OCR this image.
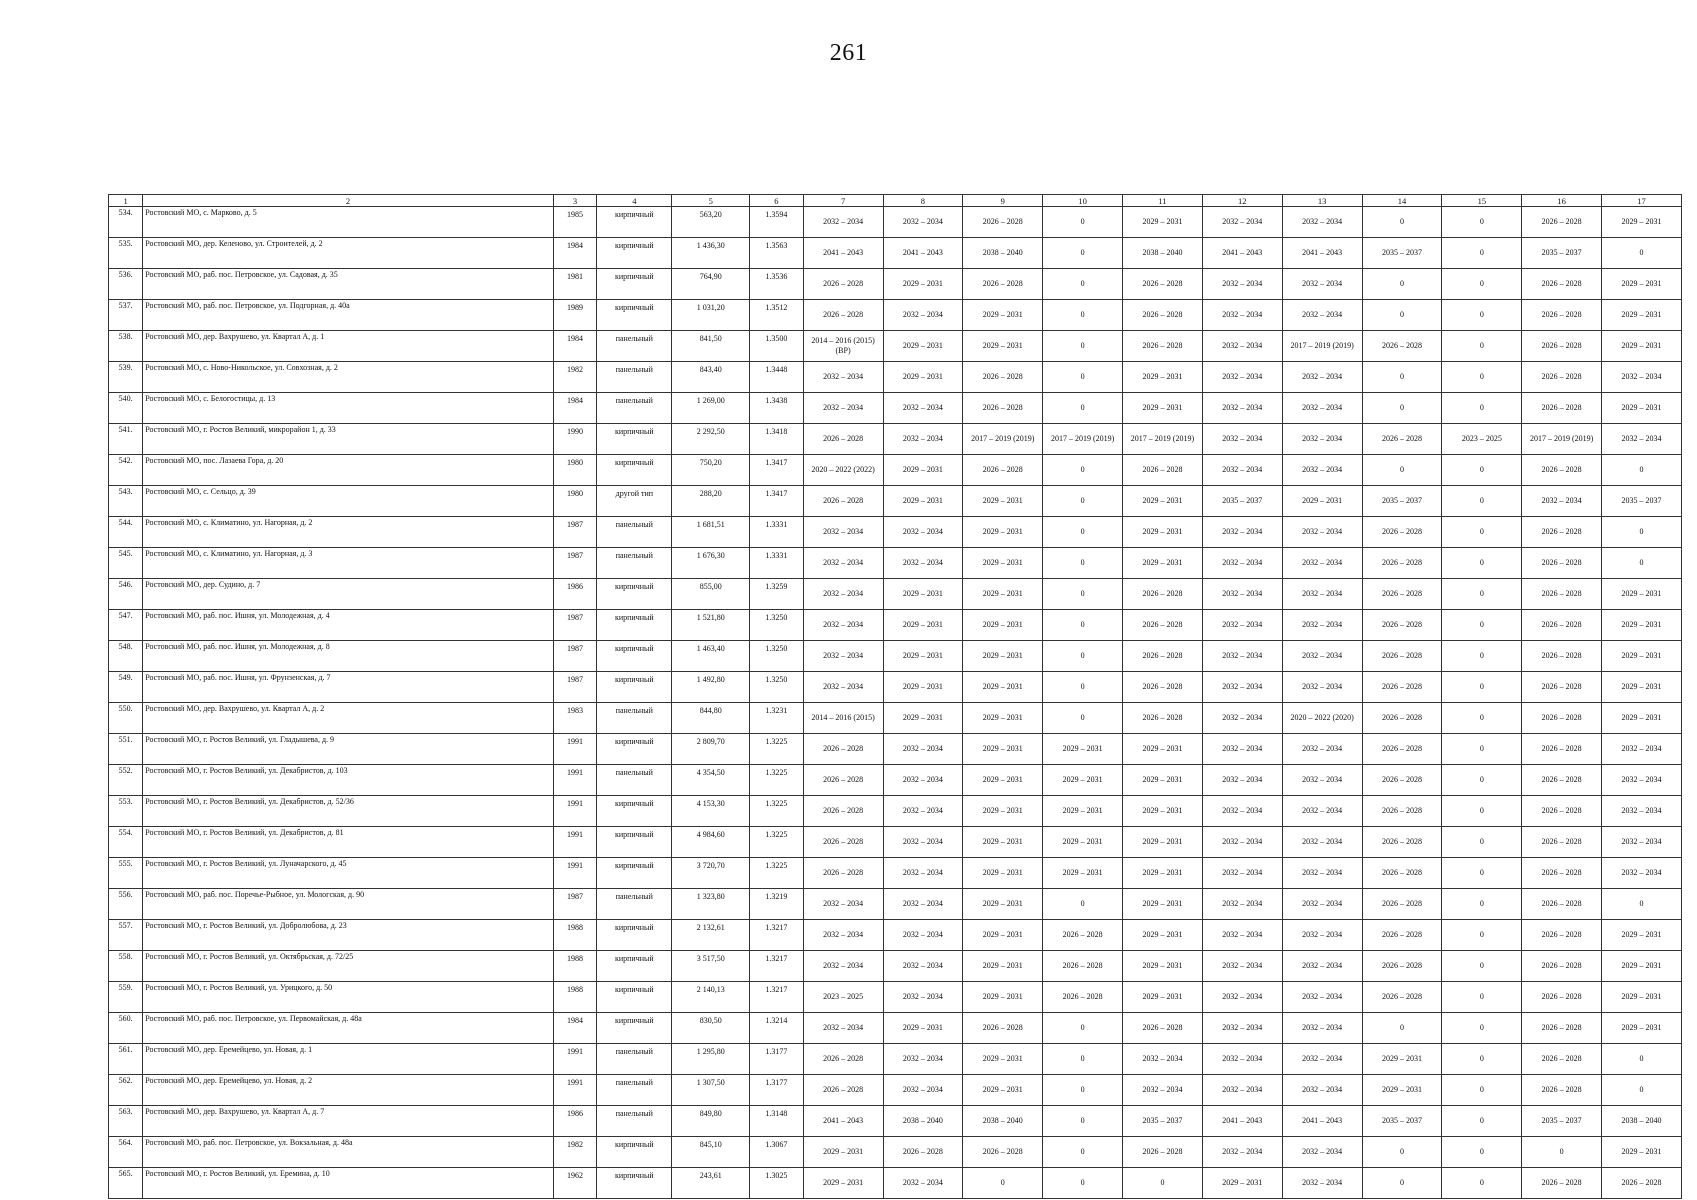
261
1	2	3	4	5	6	7	8	9	10	11	12	13	14	15	16	17
534.	Ростовский МО, с. Марково, д. 5	1985	кирпичный	563,20	1.3594	2032 – 2034	2032 – 2034	2026 – 2028	0	2029 – 2031	2032 – 2034	2032 – 2034	0	0	2026 – 2028	2029 – 2031
535.	Ростовский МО, дер. Келеново, ул. Строителей, д. 2	1984	кирпичный	1 436,30	1.3563	2041 – 2043	2041 – 2043	2038 – 2040	0	2038 – 2040	2041 – 2043	2041 – 2043	2035 – 2037	0	2035 – 2037	0
536.	Ростовский МО, раб. пос. Петровское, ул. Садовая, д. 35	1981	кирпичный	764,90	1.3536	2026 – 2028	2029 – 2031	2026 – 2028	0	2026 – 2028	2032 – 2034	2032 – 2034	0	0	2026 – 2028	2029 – 2031
537.	Ростовский МО, раб. пос. Петровское, ул. Подгорная, д. 40а	1989	кирпичный	1 031,20	1.3512	2026 – 2028	2032 – 2034	2029 – 2031	0	2026 – 2028	2032 – 2034	2032 – 2034	0	0	2026 – 2028	2029 – 2031
538.	Ростовский МО, дер. Вахрушево, ул. Квартал А, д. 1	1984	панельный	841,50	1.3500	2014 – 2016 (2015) (ВР)	2029 – 2031	2029 – 2031	0	2026 – 2028	2032 – 2034	2017 – 2019 (2019)	2026 – 2028	0	2026 – 2028	2029 – 2031
539.	Ростовский МО, с. Ново-Никольское, ул. Совхозная, д. 2	1982	панельный	843,40	1.3448	2032 – 2034	2029 – 2031	2026 – 2028	0	2029 – 2031	2032 – 2034	2032 – 2034	0	0	2026 – 2028	2032 – 2034
540.	Ростовский МО, с. Белогостицы, д. 13	1984	панельный	1 269,00	1.3438	2032 – 2034	2032 – 2034	2026 – 2028	0	2029 – 2031	2032 – 2034	2032 – 2034	0	0	2026 – 2028	2029 – 2031
541.	Ростовский МО, г. Ростов Великий, микрорайон 1, д. 33	1990	кирпичный	2 292,50	1.3418	2026 – 2028	2032 – 2034	2017 – 2019 (2019)	2017 – 2019 (2019)	2017 – 2019 (2019)	2032 – 2034	2032 – 2034	2026 – 2028	2023 – 2025	2017 – 2019 (2019)	2032 – 2034
542.	Ростовский МО, пос. Лазаева Гора, д. 20	1980	кирпичный	750,20	1.3417	2020 – 2022 (2022)	2029 – 2031	2026 – 2028	0	2026 – 2028	2032 – 2034	2032 – 2034	0	0	2026 – 2028	0
543.	Ростовский МО, с. Сельцо, д. 39	1980	другой тип	288,20	1.3417	2026 – 2028	2029 – 2031	2029 – 2031	0	2029 – 2031	2035 – 2037	2029 – 2031	2035 – 2037	0	2032 – 2034	2035 – 2037
544.	Ростовский МО, с. Климатино, ул. Нагорная, д. 2	1987	панельный	1 681,51	1.3331	2032 – 2034	2032 – 2034	2029 – 2031	0	2029 – 2031	2032 – 2034	2032 – 2034	2026 – 2028	0	2026 – 2028	0
545.	Ростовский МО, с. Климатино, ул. Нагорная, д. 3	1987	панельный	1 676,30	1.3331	2032 – 2034	2032 – 2034	2029 – 2031	0	2029 – 2031	2032 – 2034	2032 – 2034	2026 – 2028	0	2026 – 2028	0
546.	Ростовский МО, дер. Судино, д. 7	1986	кирпичный	855,00	1.3259	2032 – 2034	2029 – 2031	2029 – 2031	0	2026 – 2028	2032 – 2034	2032 – 2034	2026 – 2028	0	2026 – 2028	2029 – 2031
547.	Ростовский МО, раб. пос. Ишня, ул. Молодежная, д. 4	1987	кирпичный	1 521,80	1.3250	2032 – 2034	2029 – 2031	2029 – 2031	0	2026 – 2028	2032 – 2034	2032 – 2034	2026 – 2028	0	2026 – 2028	2029 – 2031
548.	Ростовский МО, раб. пос. Ишня, ул. Молодежная, д. 8	1987	кирпичный	1 463,40	1.3250	2032 – 2034	2029 – 2031	2029 – 2031	0	2026 – 2028	2032 – 2034	2032 – 2034	2026 – 2028	0	2026 – 2028	2029 – 2031
549.	Ростовский МО, раб. пос. Ишня, ул. Фрунзенская, д. 7	1987	кирпичный	1 492,80	1.3250	2032 – 2034	2029 – 2031	2029 – 2031	0	2026 – 2028	2032 – 2034	2032 – 2034	2026 – 2028	0	2026 – 2028	2029 – 2031
550.	Ростовский МО, дер. Вахрушево, ул. Квартал А, д. 2	1983	панельный	844,80	1.3231	2014 – 2016 (2015)	2029 – 2031	2029 – 2031	0	2026 – 2028	2032 – 2034	2020 – 2022 (2020)	2026 – 2028	0	2026 – 2028	2029 – 2031
551.	Ростовский МО, г. Ростов Великий, ул. Гладышева, д. 9	1991	кирпичный	2 809,70	1.3225	2026 – 2028	2032 – 2034	2029 – 2031	2029 – 2031	2029 – 2031	2032 – 2034	2032 – 2034	2026 – 2028	0	2026 – 2028	2032 – 2034
552.	Ростовский МО, г. Ростов Великий, ул. Декабристов, д. 103	1991	панельный	4 354,50	1.3225	2026 – 2028	2032 – 2034	2029 – 2031	2029 – 2031	2029 – 2031	2032 – 2034	2032 – 2034	2026 – 2028	0	2026 – 2028	2032 – 2034
553.	Ростовский МО, г. Ростов Великий, ул. Декабристов, д. 52/36	1991	кирпичный	4 153,30	1.3225	2026 – 2028	2032 – 2034	2029 – 2031	2029 – 2031	2029 – 2031	2032 – 2034	2032 – 2034	2026 – 2028	0	2026 – 2028	2032 – 2034
554.	Ростовский МО, г. Ростов Великий, ул. Декабристов, д. 81	1991	кирпичный	4 984,60	1.3225	2026 – 2028	2032 – 2034	2029 – 2031	2029 – 2031	2029 – 2031	2032 – 2034	2032 – 2034	2026 – 2028	0	2026 – 2028	2032 – 2034
555.	Ростовский МО, г. Ростов Великий, ул. Луначарского, д. 45	1991	кирпичный	3 720,70	1.3225	2026 – 2028	2032 – 2034	2029 – 2031	2029 – 2031	2029 – 2031	2032 – 2034	2032 – 2034	2026 – 2028	0	2026 – 2028	2032 – 2034
556.	Ростовский МО, раб. пос. Поречье-Рыбное, ул. Мологская, д. 90	1987	панельный	1 323,80	1.3219	2032 – 2034	2032 – 2034	2029 – 2031	0	2029 – 2031	2032 – 2034	2032 – 2034	2026 – 2028	0	2026 – 2028	0
557.	Ростовский МО, г. Ростов Великий, ул. Добролюбова, д. 23	1988	кирпичный	2 132,61	1.3217	2032 – 2034	2032 – 2034	2029 – 2031	2026 – 2028	2029 – 2031	2032 – 2034	2032 – 2034	2026 – 2028	0	2026 – 2028	2029 – 2031
558.	Ростовский МО, г. Ростов Великий, ул. Октябрьская, д. 72/25	1988	кирпичный	3 517,50	1.3217	2032 – 2034	2032 – 2034	2029 – 2031	2026 – 2028	2029 – 2031	2032 – 2034	2032 – 2034	2026 – 2028	0	2026 – 2028	2029 – 2031
559.	Ростовский МО, г. Ростов Великий, ул. Урицкого, д. 50	1988	кирпичный	2 140,13	1.3217	2023 – 2025	2032 – 2034	2029 – 2031	2026 – 2028	2029 – 2031	2032 – 2034	2032 – 2034	2026 – 2028	0	2026 – 2028	2029 – 2031
560.	Ростовский МО, раб. пос. Петровское, ул. Первомайская, д. 48а	1984	кирпичный	830,50	1.3214	2032 – 2034	2029 – 2031	2026 – 2028	0	2026 – 2028	2032 – 2034	2032 – 2034	0	0	2026 – 2028	2029 – 2031
561.	Ростовский МО, дер. Еремейцево, ул. Новая, д. 1	1991	панельный	1 295,80	1.3177	2026 – 2028	2032 – 2034	2029 – 2031	0	2032 – 2034	2032 – 2034	2032 – 2034	2029 – 2031	0	2026 – 2028	0
562.	Ростовский МО, дер. Еремейцево, ул. Новая, д. 2	1991	панельный	1 307,50	1.3177	2026 – 2028	2032 – 2034	2029 – 2031	0	2032 – 2034	2032 – 2034	2032 – 2034	2029 – 2031	0	2026 – 2028	0
563.	Ростовский МО, дер. Вахрушево, ул. Квартал А, д. 7	1986	панельный	849,80	1.3148	2041 – 2043	2038 – 2040	2038 – 2040	0	2035 – 2037	2041 – 2043	2041 – 2043	2035 – 2037	0	2035 – 2037	2038 – 2040
564.	Ростовский МО, раб. пос. Петровское, ул. Вокзальная, д. 48а	1982	кирпичный	845,10	1.3067	2029 – 2031	2026 – 2028	2026 – 2028	0	2026 – 2028	2032 – 2034	2032 – 2034	0	0	0	2029 – 2031
565.	Ростовский МО, г. Ростов Великий, ул. Еремина, д. 10	1962	кирпичный	243,61	1.3025	2029 – 2031	2032 – 2034	0	0	0	2029 – 2031	2032 – 2034	0	0	2026 – 2028	2026 – 2028
